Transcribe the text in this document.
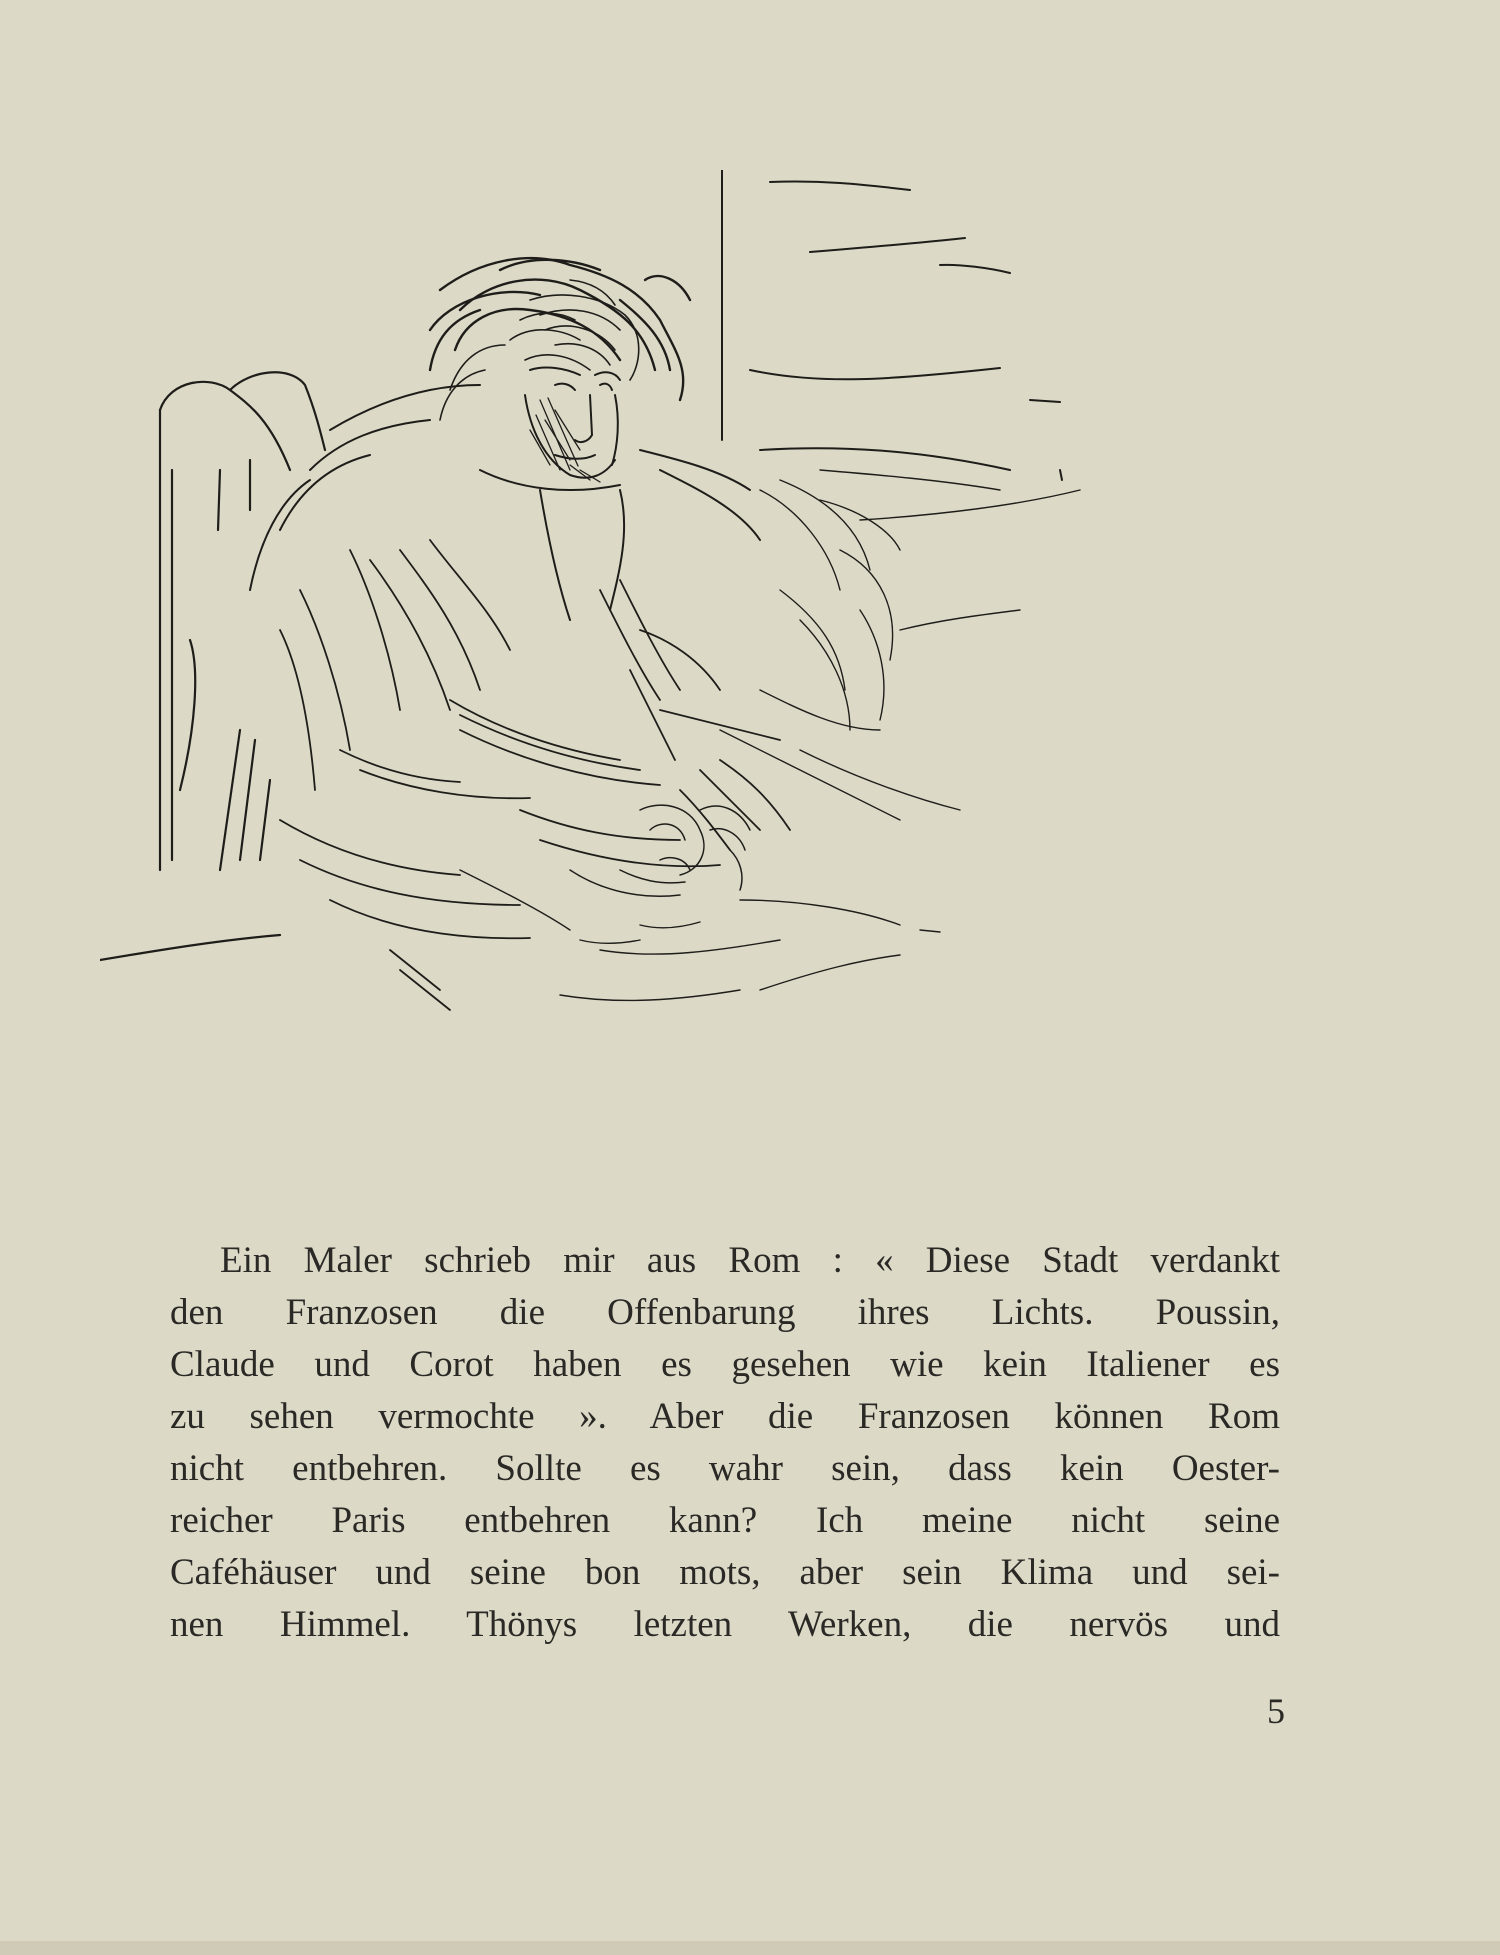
Ein Maler schrieb mir aus Rom : « Diese Stadt verdankt
den Franzosen die Offenbarung ihres Lichts. Poussin,
Claude und Corot haben es gesehen wie kein Italiener es
zu sehen vermochte ». Aber die Franzosen können Rom
nicht entbehren. Sollte es wahr sein, dass kein Oester-
reicher Paris entbehren kann? Ich meine nicht seine
Caféhäuser und seine bon mots, aber sein Klima und sei-
nen Himmel. Thönys letzten Werken, die nervös und
5
